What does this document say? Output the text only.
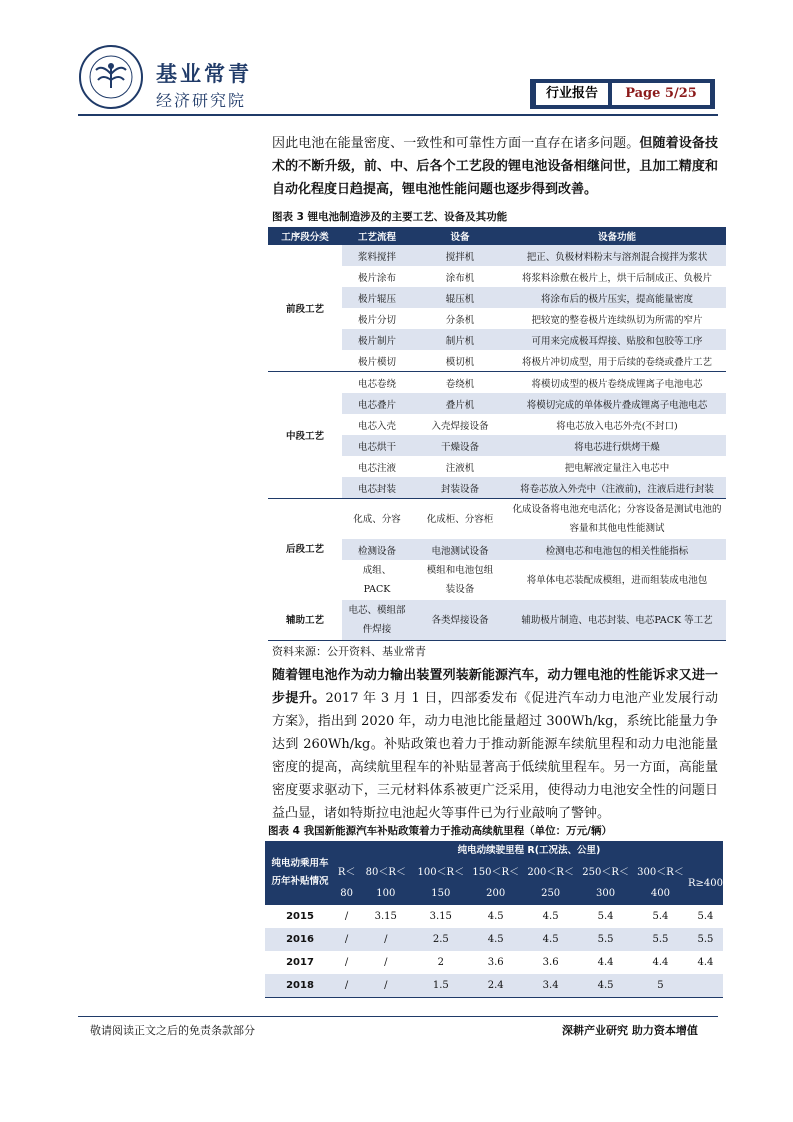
基业常青
经济研究院	行业报告	Page 5/25
因此电池在能量密度、一致性和可靠性方面一直存在诸多问题。但随着设备技术的不断升级，前、中、后各个工艺段的锂电池设备相继问世，且加工精度和自动化程度日趋提高，锂电池性能问题也逐步得到改善。
图表 3 锂电池制造涉及的主要工艺、设备及其功能
工序段分类	工艺流程	设备	设备功能
前段工艺	浆料搅拌	搅拌机	把正、负极材料粉末与溶剂混合搅拌为浆状
	极片涂布	涂布机	将浆料涂敷在极片上，烘干后制成正、负极片
	极片辊压	辊压机	将涂布后的极片压实，提高能量密度
	极片分切	分条机	把较宽的整卷极片连续纵切为所需的窄片
	极片制片	制片机	可用来完成极耳焊接、贴胶和包胶等工序
	极片模切	模切机	将极片冲切成型，用于后续的卷绕或叠片工艺
中段工艺	电芯卷绕	卷绕机	将模切成型的极片卷绕成锂离子电池电芯
	电芯叠片	叠片机	将模切完成的单体极片叠成锂离子电池电芯
	电芯入壳	入壳焊接设备	将电芯放入电芯外壳(不封口)
	电芯烘干	干燥设备	将电芯进行烘烤干燥
	电芯注液	注液机	把电解液定量注入电芯中
	电芯封装	封装设备	将卷芯放入外壳中（注液前)，注液后进行封装
后段工艺	化成、分容	化成柜、分容柜	化成设备将电池充电活化；分容设备是测试电池的容量和其他电性能测试
	检测设备	电池测试设备	检测电芯和电池包的相关性能指标
	成组、PACK	模组和电池包组装设备	将单体电芯装配成模组，进而组装成电池包
辅助工艺	电芯、模组部件焊接	各类焊接设备	辅助极片制造、电芯封装、电芯PACK 等工艺
资料来源：公开资料、基业常青
随着锂电池作为动力输出装置列装新能源汽车，动力锂电池的性能诉求又进一步提升。2017 年 3 月 1 日，四部委发布《促进汽车动力电池产业发展行动方案》，指出到 2020 年，动力电池比能量超过 300Wh/kg，系统比能量力争达到 260Wh/kg。补贴政策也着力于推动新能源车续航里程和动力电池能量密度的提高，高续航里程车的补贴显著高于低续航里程车。另一方面，高能量密度要求驱动下，三元材料体系被更广泛采用，使得动力电池安全性的问题日益凸显，诸如特斯拉电池起火等事件已为行业敲响了警钟。
图表 4 我国新能源汽车补贴政策着力于推动高续航里程（单位：万元/辆）
纯电动乘用车历年补贴情况	纯电动续驶里程 R(工况法、公里)							
	R＜80	80＜R＜100	100＜R＜150	150＜R＜200	200＜R＜250	250＜R＜300	300＜R＜400	R≥400
2015	/	3.15	3.15	4.5	4.5	5.4	5.4	5.4
2016	/	/	2.5	4.5	4.5	5.5	5.5	5.5
2017	/	/	2	3.6	3.6	4.4	4.4	4.4
2018	/	/	1.5	2.4	3.4	4.5	5	
敬请阅读正文之后的免责条款部分	深耕产业研究 助力资本增值
